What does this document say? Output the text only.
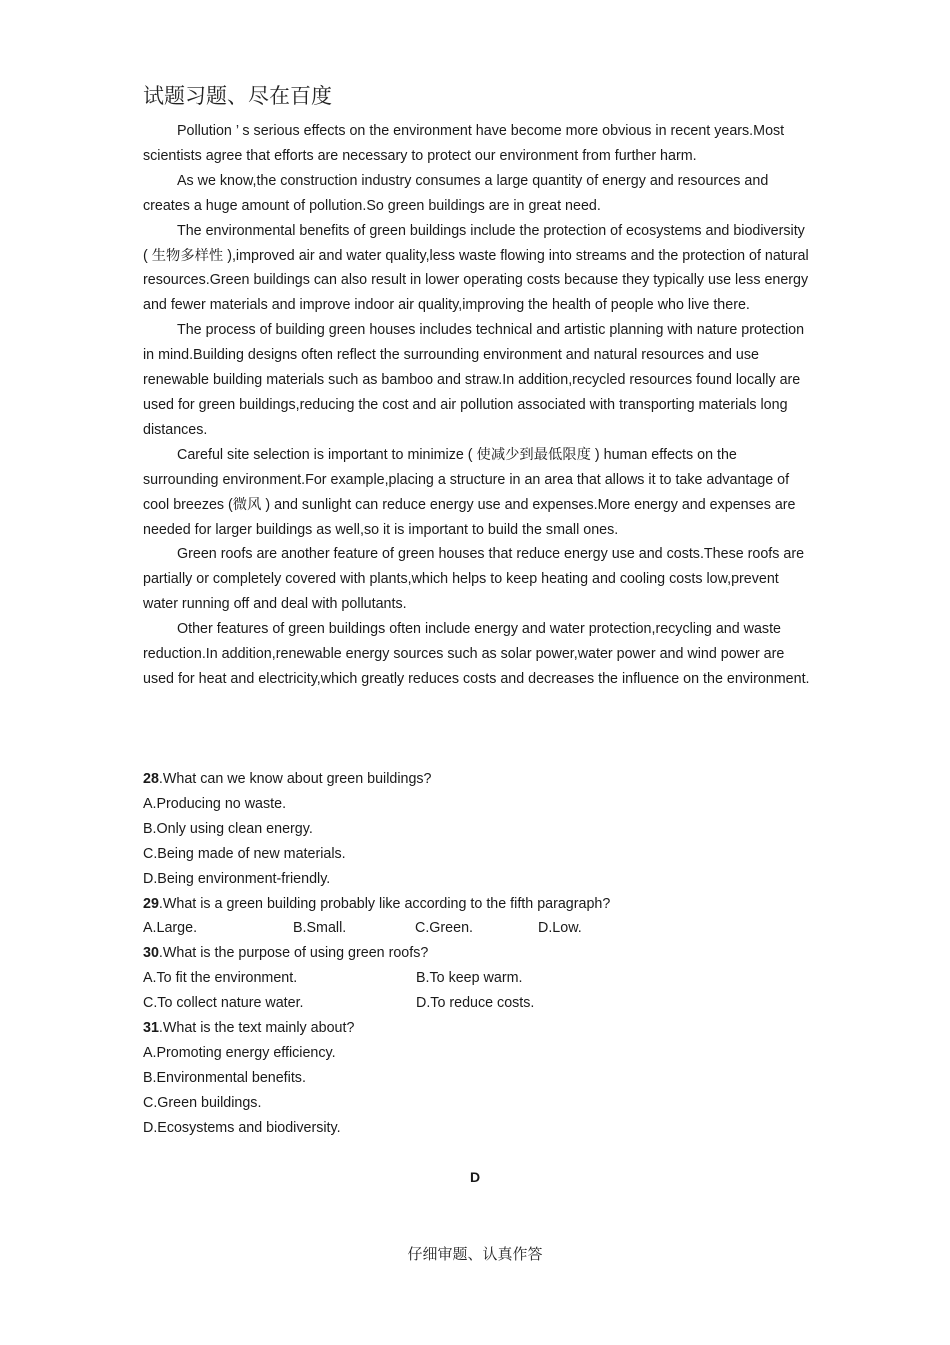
试题习题、尽在百度

Pollution ’ s serious effects on the environment have become more obvious in recent years.Most scientists agree that efforts are necessary to protect our environment from further harm.

As we know,the construction industry consumes a large quantity of energy and resources and creates a huge amount of pollution.So green buildings are in great need.

The environmental benefits of green buildings include the protection of ecosystems and biodiversity ( 生物多样性 ),improved air and water quality,less waste flowing into streams and the protection of natural resources.Green buildings can also result in lower operating costs because they typically use less energy and fewer materials and improve indoor air quality,improving the health of people who live there.

The process of building green houses includes technical and artistic planning with nature protection in mind.Building designs often reflect the surrounding environment and natural resources and use renewable building materials such as bamboo and straw.In addition,recycled resources found locally are used for green buildings,reducing the cost and air pollution associated with transporting materials long distances.

Careful site selection is important to minimize ( 使减少到最低限度 ) human effects on the surrounding environment.For example,placing a structure in an area that allows it to take advantage of cool breezes (微风 ) and sunlight can reduce energy use and expenses.More energy and expenses are needed for larger buildings as well,so it is important to build the small ones.

Green roofs are another feature of green houses that reduce energy use and costs.These roofs are partially or completely covered with plants,which helps to keep heating and cooling costs low,prevent water running off and deal with pollutants.

Other features of green buildings often include energy and water protection,recycling and waste reduction.In addition,renewable energy sources such as solar power,water power and wind power are used for heat and electricity,which greatly reduces costs and decreases the influence on the environment.

28.What can we know about green buildings?
A.Producing no waste.
B.Only using clean energy.
C.Being made of new materials.
D.Being environment-friendly.
29.What is a green building probably like according to the fifth paragraph?
A.Large.	B.Small.	C.Green.	D.Low.
30.What is the purpose of using green roofs?
A.To fit the environment.	B.To keep warm.
C.To collect nature water.	D.To reduce costs.
31.What is the text mainly about?
A.Promoting energy efficiency.
B.Environmental benefits.
C.Green buildings.
D.Ecosystems and biodiversity.
D
仔细审题、认真作答
